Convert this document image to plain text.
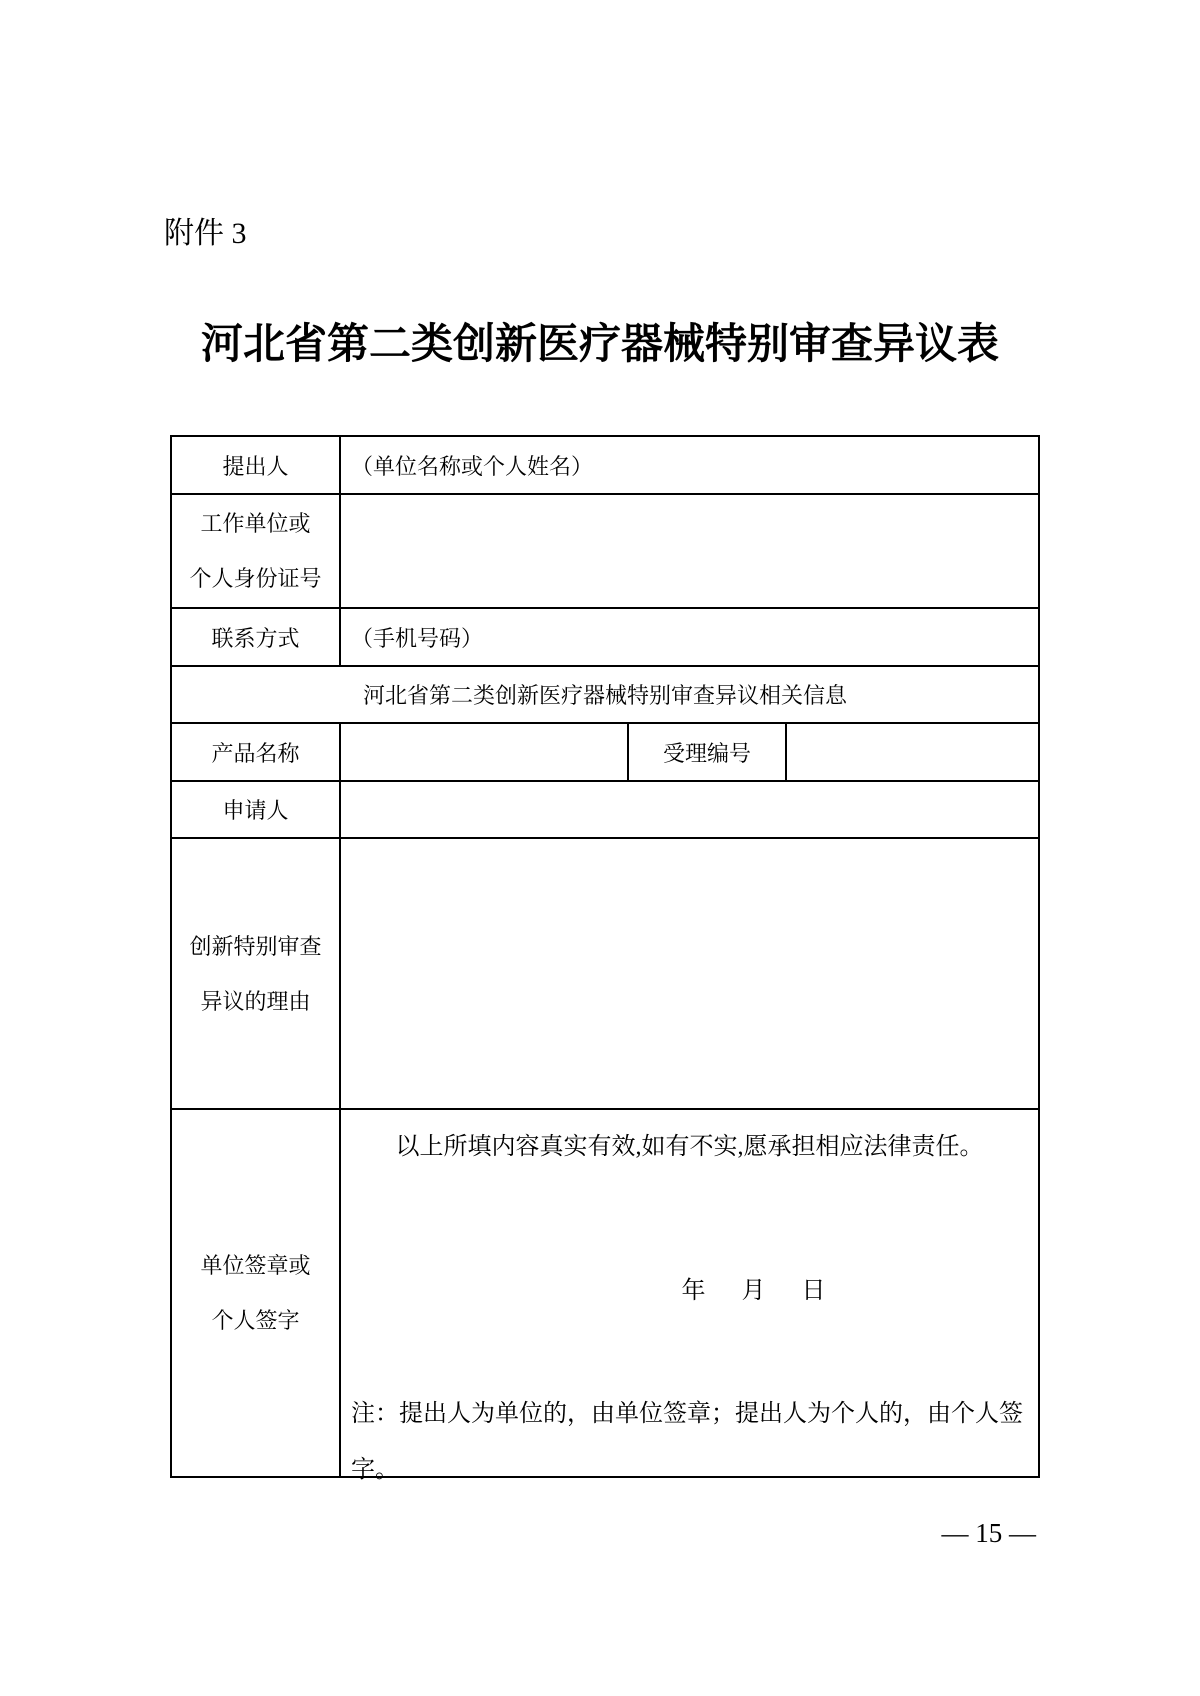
附件 3
河北省第二类创新医疗器械特别审查异议表
提出人	（单位名称或个人姓名）		

工作单位或
个人身份证号			

联系方式	（手机号码）		
河北省第二类创新医疗器械特别审查异议相关信息			
产品名称		受理编号	
申请人			

创新特别审查
异议的理由			

单位签章或
个人签字

以上所填内容真实有效,如有不实,愿承担相应法律责任。
年 月 日
注：提出人为单位的，由单位签章；提出人为个人的，由个人签字。
— 15 —
